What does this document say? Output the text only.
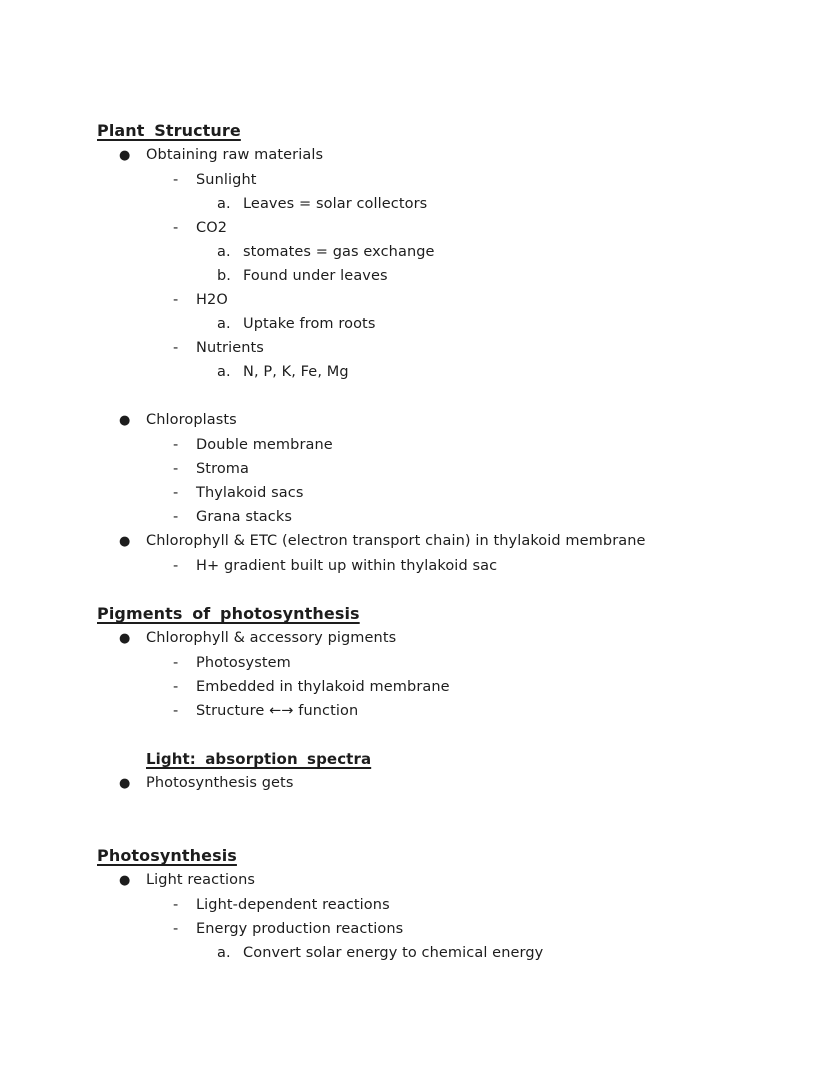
Plant Structure
●	Obtaining raw materials
-	Sunlight
a. Leaves = solar collectors
-	CO2
a. stomates = gas exchange
b. Found under leaves
-	H2O
a. Uptake from roots
-	Nutrients
a. N, P, K, Fe, Mg
●	Chloroplasts
-	Double membrane
-	Stroma
-	Thylakoid sacs
-	Grana stacks
●	Chlorophyll & ETC (electron transport chain) in thylakoid membrane
-	H+ gradient built up within thylakoid sac
Pigments of photosynthesis
●	Chlorophyll & accessory pigments
-	Photosystem
-	Embedded in thylakoid membrane
-	Structure ←→ function
Light: absorption spectra
●	Photosynthesis gets
Photosynthesis
●	Light reactions
-	Light-dependent reactions
-	Energy production reactions
a. Convert solar energy to chemical energy
